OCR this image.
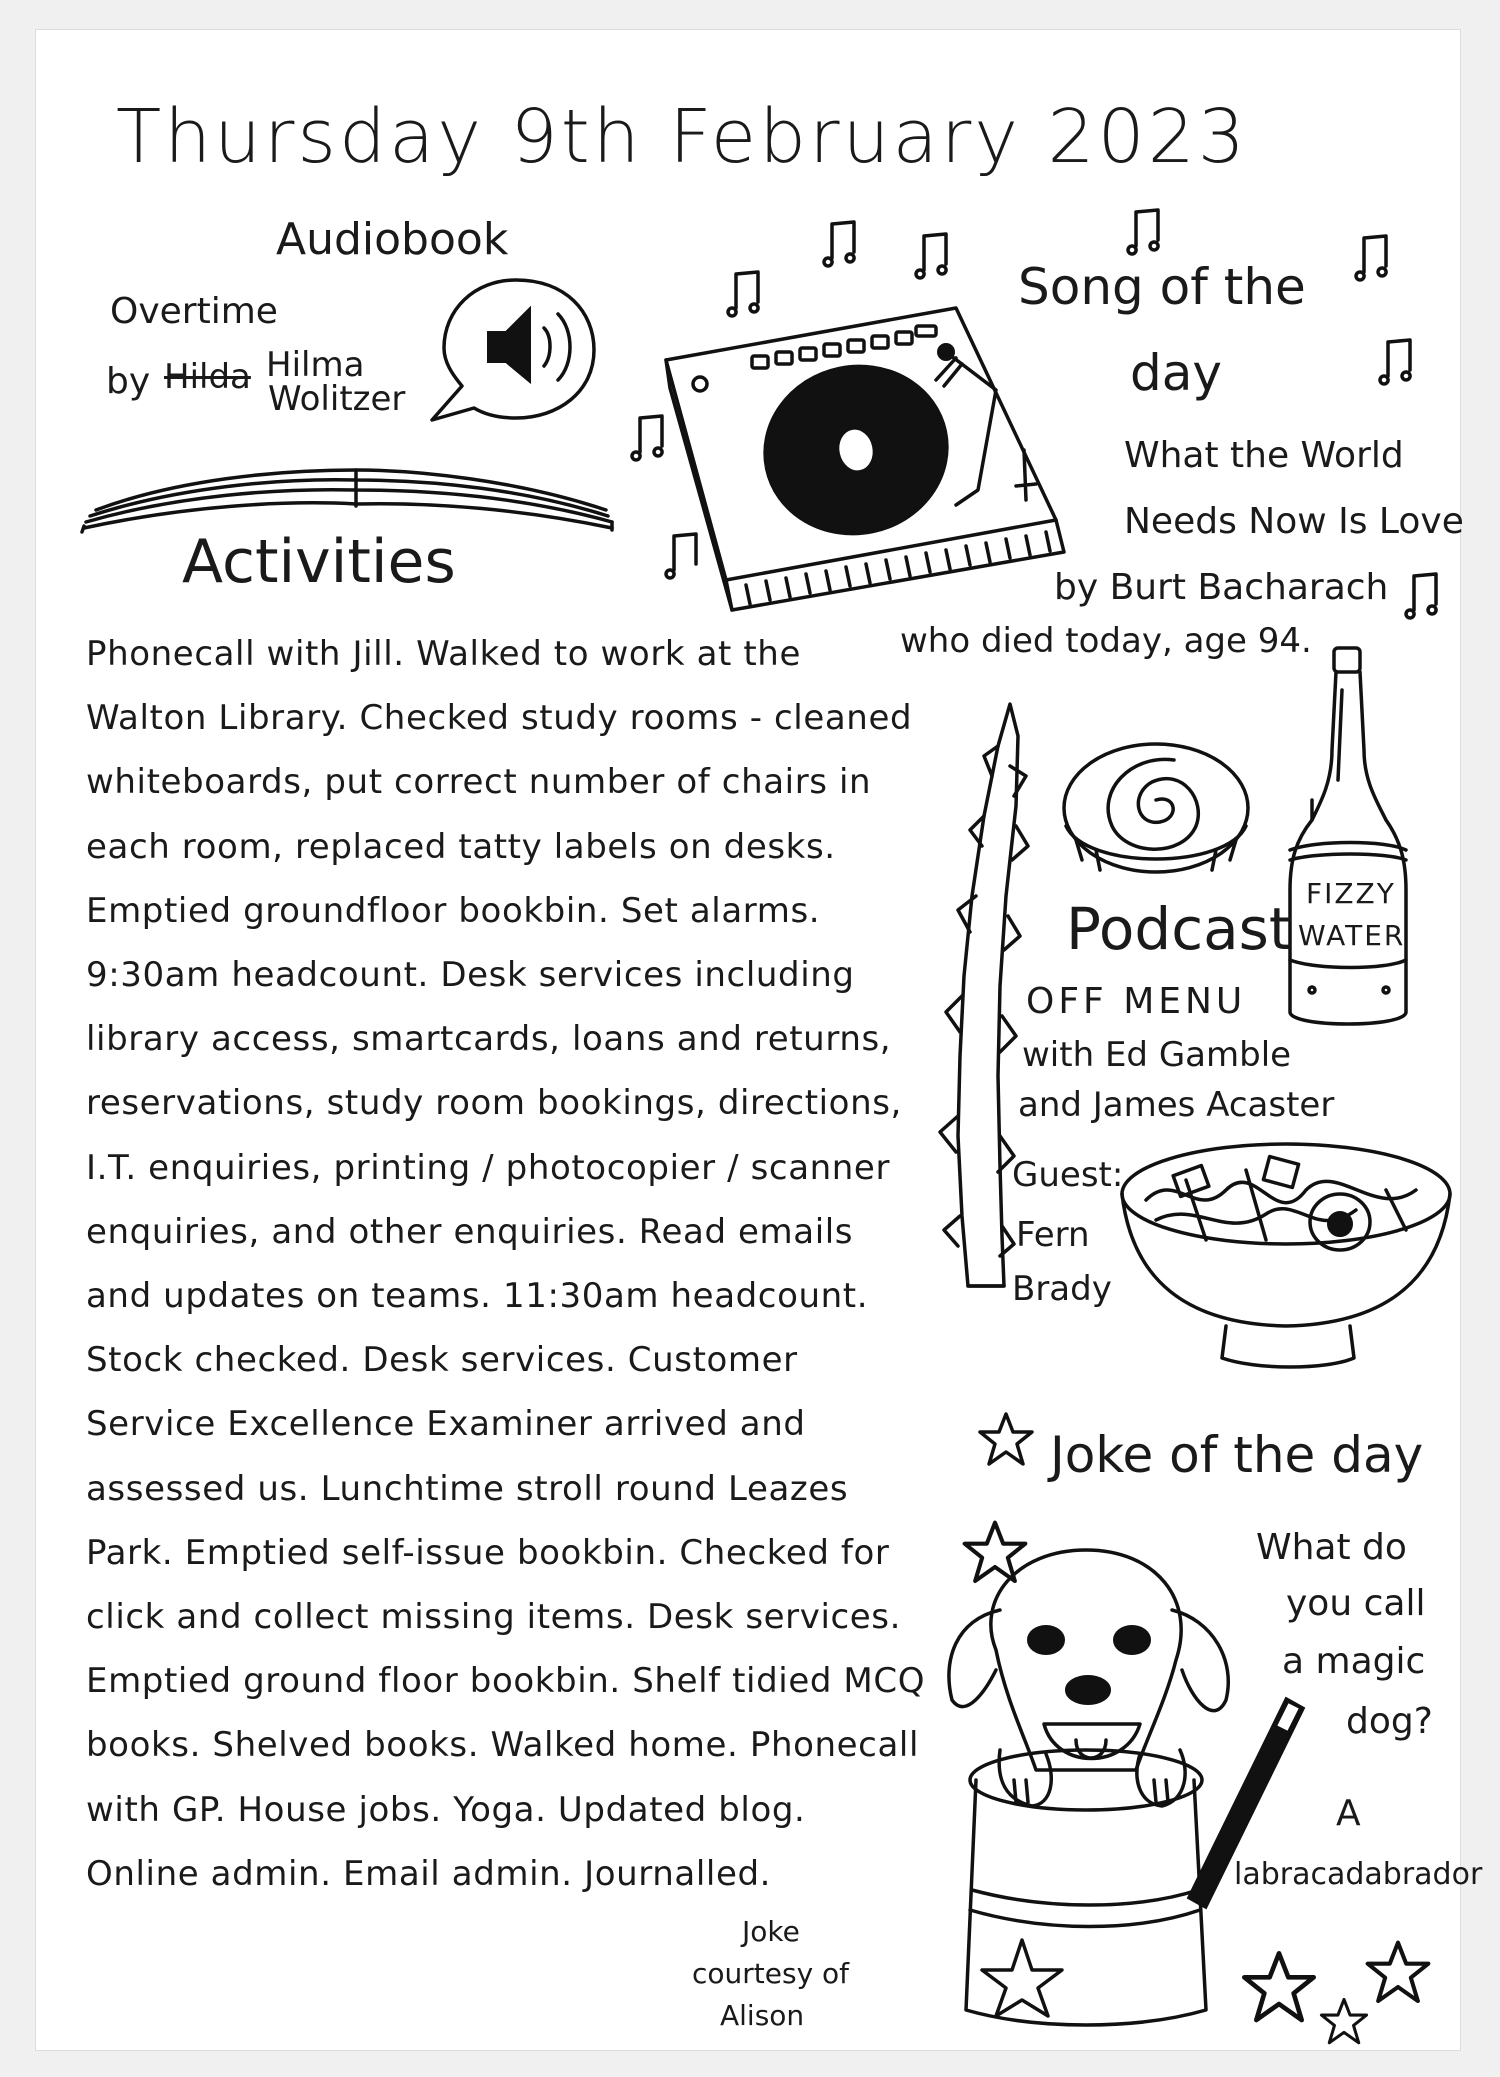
Thursday 9th February 2023
Audiobook
Overtime
by Hilda Hilma
Wolitzer
Song of the
day
What the World
Needs Now Is Love
by Burt Bacharach
who died today, age 94.
Activities
Phonecall with Jill. Walked to work at the Walton Library. Checked study rooms - cleaned whiteboards, put correct number of chairs in each room, replaced tatty labels on desks. Emptied groundfloor bookbin. Set alarms. 9:30am headcount. Desk services including library access, smartcards, loans and returns, reservations, study room bookings, directions, I.T. enquiries, printing / photocopier / scanner enquiries, and other enquiries. Read emails and updates on teams. 11:30am headcount. Stock checked. Desk services. Customer Service Excellence Examiner arrived and assessed us. Lunchtime stroll round Leazes Park. Emptied self-issue bookbin. Checked for click and collect missing items. Desk services. Emptied ground floor bookbin. Shelf tidied MCQ books. Shelved books. Walked home. Phonecall with GP. House jobs. Yoga. Updated blog. Online admin. Email admin. Journalled.
FIZZY
WATER
Podcast
OFF MENU
with Ed Gamble
and James Acaster
Guest:
Fern
Brady
Joke of the day
What do
you call
a magic
dog?
A
labracadabrador
Joke
courtesy of
Alison
